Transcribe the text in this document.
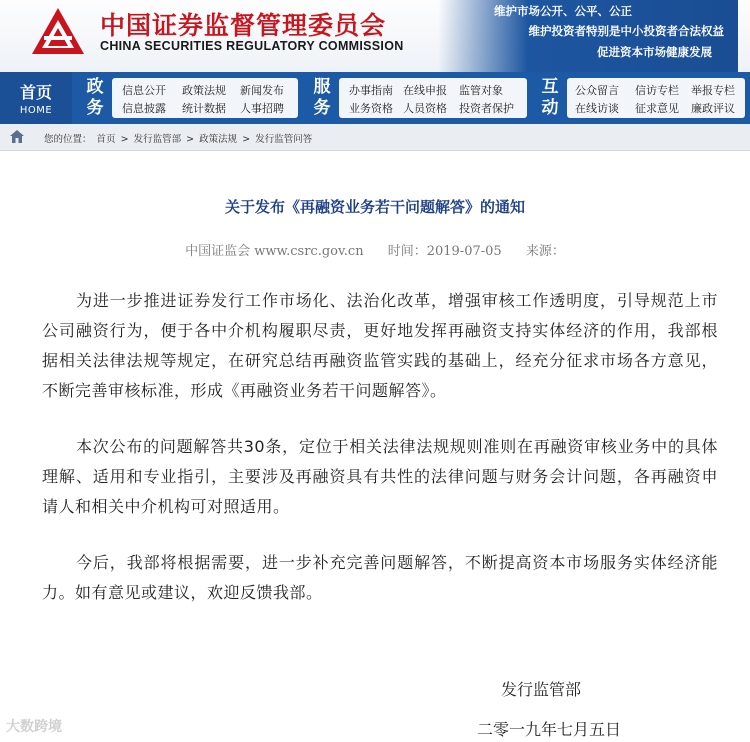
中国证券监督管理委员会
CHINA SECURITIES REGULATORY COMMISSION
维护市场公开、公平、公正
维护投资者特别是中小投资者合法权益
促进资本市场健康发展
首页
HOME
政务
信息公开 政策法规 新闻发布
信息披露 统计数据 人事招聘
服务
办事指南 在线申报 监管对象
业务资格 人员资格 投资者保护
互动
公众留言 信访专栏 举报专栏
在线访谈 征求意见 廉政评议
您的位置： 首页 > 发行监管部 > 政策法规 > 发行监管问答
关于发布《再融资业务若干问题解答》的通知
中国证监会 www.csrc.gov.cn 时间：2019-07-05 来源：
为进一步推进证券发行工作市场化、法治化改革，增强审核工作透明度，引导规范上市公司融资行为，便于各中介机构履职尽责，更好地发挥再融资支持实体经济的作用，我部根据相关法律法规等规定，在研究总结再融资监管实践的基础上，经充分征求市场各方意见，不断完善审核标准，形成《再融资业务若干问题解答》。
本次公布的问题解答共30条，定位于相关法律法规规则准则在再融资审核业务中的具体理解、适用和专业指引，主要涉及再融资具有共性的法律问题与财务会计问题，各再融资申请人和相关中介机构可对照适用。
今后，我部将根据需要，进一步补充完善问题解答，不断提高资本市场服务实体经济能力。如有意见或建议，欢迎反馈我部。
发行监管部
二零一九年七月五日
大数跨境
